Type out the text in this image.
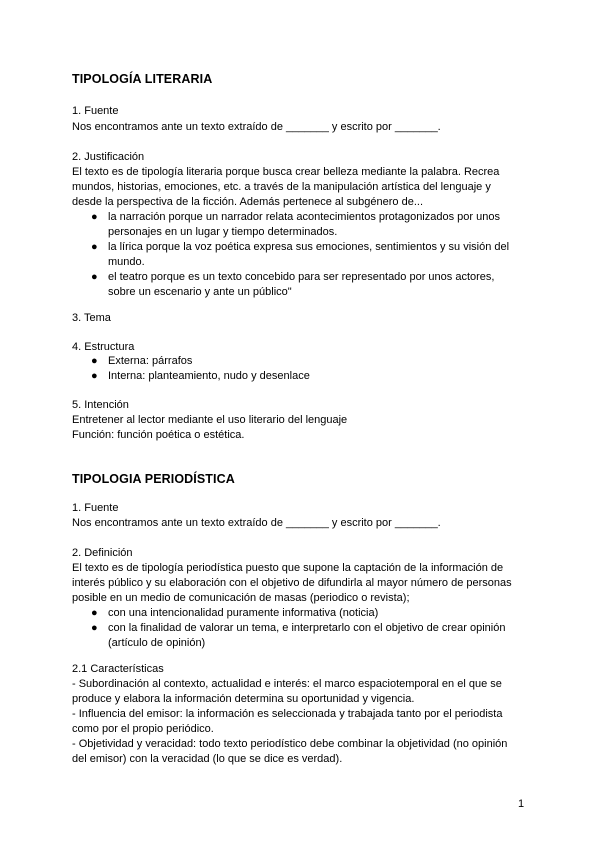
TIPOLOGÍA LITERARIA
1. Fuente
Nos encontramos ante un texto extraído de _______ y escrito por _______.
2. Justificación
El texto es de tipología literaria porque busca crear belleza mediante la palabra. Recrea
mundos, historias, emociones, etc. a través de la manipulación artística del lenguaje y
desde la perspectiva de la ficción. Además pertenece al subgénero de...
● la narración porque un narrador relata acontecimientos protagonizados por unos
personajes en un lugar y tiempo determinados.
● la lírica porque la voz poética expresa sus emociones, sentimientos y su visión del
mundo.
● el teatro porque es un texto concebido para ser representado por unos actores,
sobre un escenario y ante un público"
3. Tema
4. Estructura
● Externa: párrafos
● Interna: planteamiento, nudo y desenlace
5. Intención
Entretener al lector mediante el uso literario del lenguaje
Función: función poética o estética.
TIPOLOGIA PERIODÍSTICA
1. Fuente
Nos encontramos ante un texto extraído de _______ y escrito por _______.
2. Definición
El texto es de tipología periodística puesto que supone la captación de la información de
interés público y su elaboración con el objetivo de difundirla al mayor número de personas
posible en un medio de comunicación de masas (periodico o revista);
● con una intencionalidad puramente informativa (noticia)
● con la finalidad de valorar un tema, e interpretarlo con el objetivo de crear opinión
(artículo de opinión)
2.1 Características
- Subordinación al contexto, actualidad e interés: el marco espaciotemporal en el que se
produce y elabora la información determina su oportunidad y vigencia.
- Influencia del emisor: la información es seleccionada y trabajada tanto por el periodista
como por el propio periódico.
- Objetividad y veracidad: todo texto periodístico debe combinar la objetividad (no opinión
del emisor) con la veracidad (lo que se dice es verdad).
1
